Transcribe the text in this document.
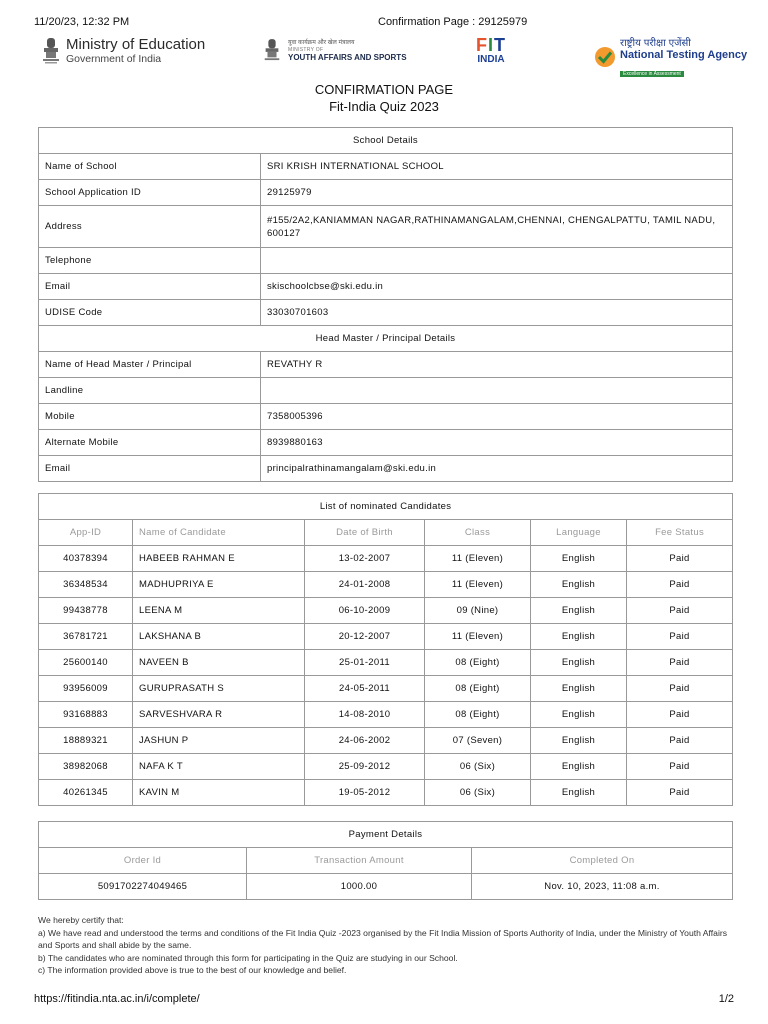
11/20/23, 12:32 PM	Confirmation Page : 29125979
Ministry of Education
Government of India
युवा कार्यक्रम और खेल मंत्रालय
MINISTRY OF
YOUTH AFFAIRS AND SPORTS
FIT
INDIA
राष्ट्रीय परीक्षा एजेंसी
National Testing Agency
Excellence in Assessment
CONFIRMATION PAGE
Fit-India Quiz 2023
School Details	
Name of School	SRI KRISH INTERNATIONAL SCHOOL
School Application ID	29125979
Address	#155/2A2,KANIAMMAN NAGAR,RATHINAMANGALAM,CHENNAI, CHENGALPATTU, TAMIL NADU, 600127
Telephone	
Email	skischoolcbse@ski.edu.in
UDISE Code	33030701603
Head Master / Principal Details	
Name of Head Master / Principal	REVATHY R
Landline	
Mobile	7358005396
Alternate Mobile	8939880163
Email	principalrathinamangalam@ski.edu.in
List of nominated Candidates					
App-ID	Name of Candidate	Date of Birth	Class	Language	Fee Status
40378394	HABEEB RAHMAN E	13-02-2007	11 (Eleven)	English	Paid
36348534	MADHUPRIYA E	24-01-2008	11 (Eleven)	English	Paid
99438778	LEENA M	06-10-2009	09 (Nine)	English	Paid
36781721	LAKSHANA B	20-12-2007	11 (Eleven)	English	Paid
25600140	NAVEEN B	25-01-2011	08 (Eight)	English	Paid
93956009	GURUPRASATH S	24-05-2011	08 (Eight)	English	Paid
93168883	SARVESHVARA R	14-08-2010	08 (Eight)	English	Paid
18889321	JASHUN P	24-06-2002	07 (Seven)	English	Paid
38982068	NAFA K T	25-09-2012	06 (Six)	English	Paid
40261345	KAVIN M	19-05-2012	06 (Six)	English	Paid
Payment Details		
Order Id	Transaction Amount	Completed On
5091702274049465	1000.00	Nov. 10, 2023, 11:08 a.m.
We hereby certify that:
a) We have read and understood the terms and conditions of the Fit India Quiz -2023 organised by the Fit India Mission of Sports Authority of India, under the Ministry of Youth Affairs and Sports and shall abide by the same.
b) The candidates who are nominated through this form for participating in the Quiz are studying in our School.
c) The information provided above is true to the best of our knowledge and belief.
https://fitindia.nta.ac.in/i/complete/	1/2
